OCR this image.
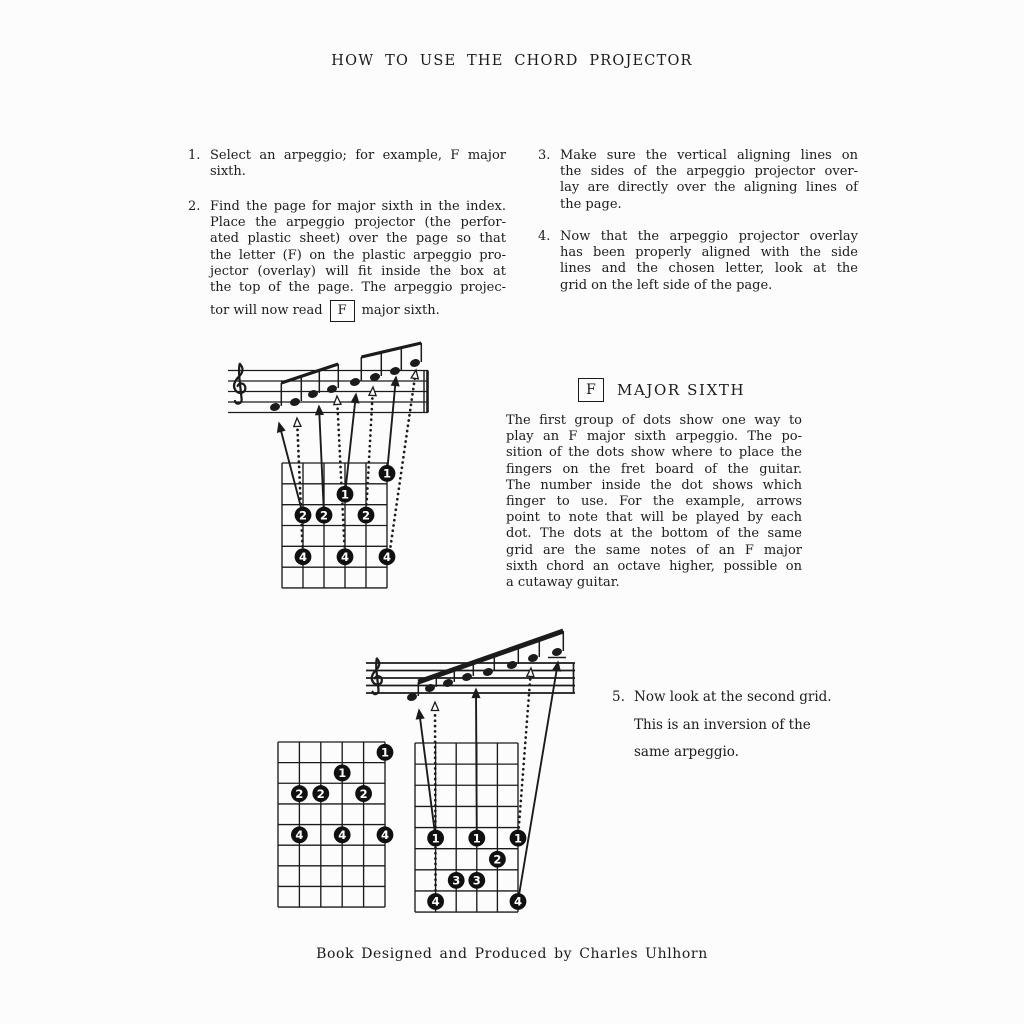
HOW TO USE THE CHORD PROJECTOR
1. Select an arpeggio; for example, F major
sixth.
2. Find the page for major sixth in the index.
Place the arpeggio projector (the perfor-
ated plastic sheet) over the page so that
the letter (F) on the plastic arpeggio pro-
jector (overlay) will fit inside the box at
the top of the page. The arpeggio projec-
tor will now read	F	major sixth.
3. Make sure the vertical aligning lines on
the sides of the arpeggio projector over-
lay are directly over the aligning lines of
the page.
4. Now that the arpeggio projector overlay
has been properly aligned with the side
lines and the chosen letter, look at the
grid on the left side of the page.
1
1
2 2	2
4	4	4
F	MAJOR SIXTH
The first group of dots show one way to
play an F major sixth arpeggio. The po-
sition of the dots show where to place the
fingers on the fret board of the guitar.
The number inside the dot shows which
finger to use. For the example, arrows
point to note that will be played by each
dot. The dots at the bottom of the same
grid are the same notes of an F major
sixth chord an octave higher, possible on
a cutaway guitar.
1
1
2 2	2
4	4	4	1	1	1
2
3 3
4	4
5. Now look at the second grid.
This is an inversion of the
same arpeggio.
Book Designed and Produced by Charles Uhlhorn
